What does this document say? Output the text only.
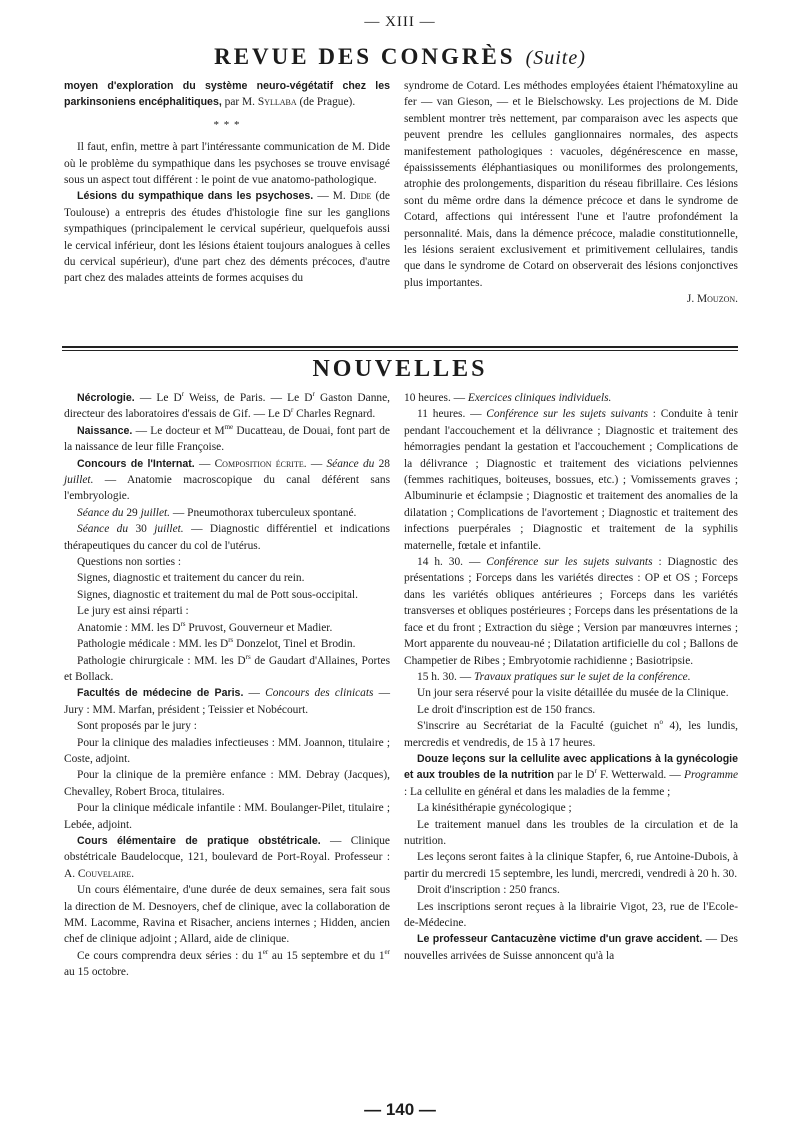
— XIII —
REVUE DES CONGRÈS (Suite)

moyen d'exploration du système neuro-végétatif chez les parkinsoniens encéphalitiques, par M. Syllaba (de Prague).

* * *

Il faut, enfin, mettre à part l'intéressante communication de M. Dide où le problème du sympathique dans les psychoses se trouve envisagé sous un aspect tout différent : le point de vue anatomo-pathologique.

Lésions du sympathique dans les psychoses. — M. Dide (de Toulouse) a entrepris des études d'histologie fine sur les ganglions sympathiques (principalement le cervical supérieur, quelquefois aussi le cervical inférieur, dont les lésions étaient toujours analogues à celles du cervical supérieur), d'une part chez des déments précoces, d'autre part chez des malades atteints de formes acquises du

syndrome de Cotard. Les méthodes employées étaient l'hématoxyline au fer — van Gieson, — et le Bielschowsky. Les projections de M. Dide semblent montrer très nettement, par comparaison avec les aspects que peuvent prendre les cellules ganglionnaires normales, des aspects manifestement pathologiques : vacuoles, dégénérescence en masse, épaississements éléphantiasiques ou moniliformes des prolongements, atrophie des prolongements, disparition du réseau fibrillaire. Ces lésions sont du même ordre dans la démence précoce et dans le syndrome de Cotard, affections qui intéressent l'une et l'autre profondément la personnalité. Mais, dans la démence précoce, maladie constitutionnelle, les lésions seraient exclusivement et primitivement cellulaires, tandis que dans le syndrome de Cotard on observerait des lésions conjonctives plus importantes.

J. Mouzon.
NOUVELLES

Nécrologie. — Le $D^r$ Weiss, de Paris. — Le $D^r$ Gaston Danne, directeur des laboratoires d'essais de Gif. — Le $D^r$ Charles Regnard.

Naissance. — Le docteur et $M^{me}$ Ducatteau, de Douai, font part de la naissance de leur fille Françoise.

Concours de l'Internat. — Composition écrite. — Séance du 28 juillet. — Anatomie macroscopique du canal déférent sans l'embryologie.

Séance du 29 juillet. — Pneumothorax tuberculeux spontané.

Séance du 30 juillet. — Diagnostic différentiel et indications thérapeutiques du cancer du col de l'utérus.

Questions non sorties :

Signes, diagnostic et traitement du cancer du rein.

Signes, diagnostic et traitement du mal de Pott sous-occipital.

Le jury est ainsi réparti :

Anatomie : MM. les $D^{rs}$ Pruvost, Gouverneur et Madier.

Pathologie médicale : MM. les $D^{rs}$ Donzelot, Tinel et Brodin.

Pathologie chirurgicale : MM. les $D^{rs}$ de Gaudart d'Allaines, Portes et Bollack.

Facultés de médecine de Paris. — Concours des clinicats — Jury : MM. Marfan, président ; Teissier et Nobécourt.

Sont proposés par le jury :

Pour la clinique des maladies infectieuses : MM. Joannon, titulaire ; Coste, adjoint.

Pour la clinique de la première enfance : MM. Debray (Jacques), Chevalley, Robert Broca, titulaires.

Pour la clinique médicale infantile : MM. Boulanger-Pilet, titulaire ; Lebée, adjoint.

Cours élémentaire de pratique obstétricale. — Clinique obstétricale Baudelocque, 121, boulevard de Port-Royal. Professeur : A. Couvelaire.

Un cours élémentaire, d'une durée de deux semaines, sera fait sous la direction de M. Desnoyers, chef de clinique, avec la collaboration de MM. Lacomme, Ravina et Risacher, anciens internes ; Hidden, ancien chef de clinique adjoint ; Allard, aide de clinique.

Ce cours comprendra deux séries : du 1er au 15 septembre et du 1er au 15 octobre.

10 heures. — Exercices cliniques individuels.

11 heures. — Conférence sur les sujets suivants : Conduite à tenir pendant l'accouchement et la délivrance ; Diagnostic et traitement des hémorragies pendant la gestation et l'accouchement ; Complications de la délivrance ; Diagnostic et traitement des viciations pelviennes (femmes rachitiques, boiteuses, bossues, etc.) ; Vomissements graves ; Albuminurie et éclampsie ; Diagnostic et traitement des anomalies de la dilatation ; Complications de l'avortement ; Diagnostic et traitement des infections puerpérales ; Diagnostic et traitement de la syphilis maternelle, fœtale et infantile.

14 h. 30. — Conférence sur les sujets suivants : Diagnostic des présentations ; Forceps dans les variétés directes : OP et OS ; Forceps dans les variétés obliques antérieures ; Forceps dans les variétés transverses et obliques postérieures ; Forceps dans les présentations de la face et du front ; Extraction du siège ; Version par manœuvres internes ; Mort apparente du nouveau-né ; Dilatation artificielle du col ; Ballons de Champetier de Ribes ; Embryotomie rachidienne ; Basiotripsie.

15 h. 30. — Travaux pratiques sur le sujet de la conférence.

Un jour sera réservé pour la visite détaillée du musée de la Clinique.

Le droit d'inscription est de 150 francs.

S'inscrire au Secrétariat de la Faculté (guichet $n^o$ 4), les lundis, mercredis et vendredis, de 15 à 17 heures.

Douze leçons sur la cellulite avec applications à la gynécologie et aux troubles de la nutrition par le $D^r$ F. Wetterwald. — Programme : La cellulite en général et dans les maladies de la femme ;

La kinésithérapie gynécologique ;

Le traitement manuel dans les troubles de la circulation et de la nutrition.

Les leçons seront faites à la clinique Stapfer, 6, rue Antoine-Dubois, à partir du mercredi 15 septembre, les lundi, mercredi, vendredi à 20 h. 30.

Droit d'inscription : 250 francs.

Les inscriptions seront reçues à la librairie Vigot, 23, rue de l'Ecole-de-Médecine.

Le professeur Cantacuzène victime d'un grave accident. — Des nouvelles arrivées de Suisse annoncent qu'à la

— 140 —
